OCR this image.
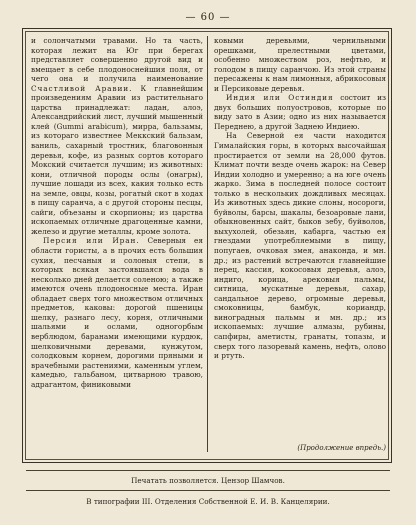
— 60 —

и солончатыми травами. Но та часть, которая лежит на Юг при берегах представляет совершенно другой вид и вмещает в себе плодоноснейшия поля, от чего она и получила наименование Счастливой Аравии. К главнейшим произведениям Аравии из растительнаго царства принадлежат: ладан, алоэ, Александрийский лист, лучший мышенный клей (Gummi arabicum), мирра, бальзамы, из котораго известнее Меккский бальзам, ваниль, сахарный тростник, благовонныя деревья, кофе, из разных сортов котораго Мокский считается лучшим; из животных: кони, отличной породы ослы (онагры), лучшие лошади из всех, какия только есть на земле, овцы, козы, рогатый скот в ходах в пищу саранча, а с другой стороны песцы, сайги, объезаны и скорпионы; из царства ископаемых отличные драгоценные камни, железо и другие металлы, кроме золота.

Персия или Иран. Северныя ея области гористы, а в прочих есть большия сухия, песчаныя и солоныя степи, в которых всякая застоявшаяся вода в несколько дней делается соленою; а также имеются очень плодоносные места. Иран обладает сверх того множеством отличных предметов, каковы: дорогой пшеницы шелку, разнаго лесу, корня, отличными шальями и ослами, одногорбым верблюдом, баранами имеющими курдюк, шелковичными деревами, кунжутом, солодковым корнем, дорогими пряными и врачебными растениями, каменным углем, камедью, гальбаном, цитварною травою, адрагантом, финиковыми

ковыми деревьями, чернильными орешками, прелестными цветами, особенно множеством роз, нефтью, и голодом в пищу саранчою. Из этой страны пересажены к нам лимонныя, абрикосовыя и Персиковые деревья.

Индия или Остиндия состоит из двух больших полуостровов, которые по виду зато в Азии; одно из них называется Переднею, а другой Заднею Индиею.

На Северной ея части находится Гималайския горы, в которых высочайшая простирается от земли на 28,000 футов. Климат почти везде очень жарок: на Север Индии холодно и умеренно; а на юге очень жарко. Зима в последней полосе состоит только в нескольких дождливых месяцах. Из животных здесь дикие слоны, носороги, буйволы, барсы, шакалы, безоаровые лани, обыкновенных сайт, быков зебу, буйволов, выхухолей, обезьян, кабарга, частью ея гнездами употребляемыми в пищу, попугаев, очковая змея, анаконда, и мн. др.; из растений встречаются главнейшие перец, кассия, кокосовыя деревья, алоэ, индиго, корица, арековыя пальмы, ситница, мускатные деревья, сахар, сандальное дерево, огромные деревья, смоковницы, бамбук, кориандр, виноградныя пальмы и мн. др.; из ископаемых: лучшие алмазы, рубины, сапфиры, аметисты, гранаты, топазы, и сверх того лазоревый камень, нефть, олово и ртуть.

(Продолжение впредь.)
Печатать позволяется. Цензор Шамчов.
В типографии III. Отделения Собственной Е. И. В. Канцелярии.
